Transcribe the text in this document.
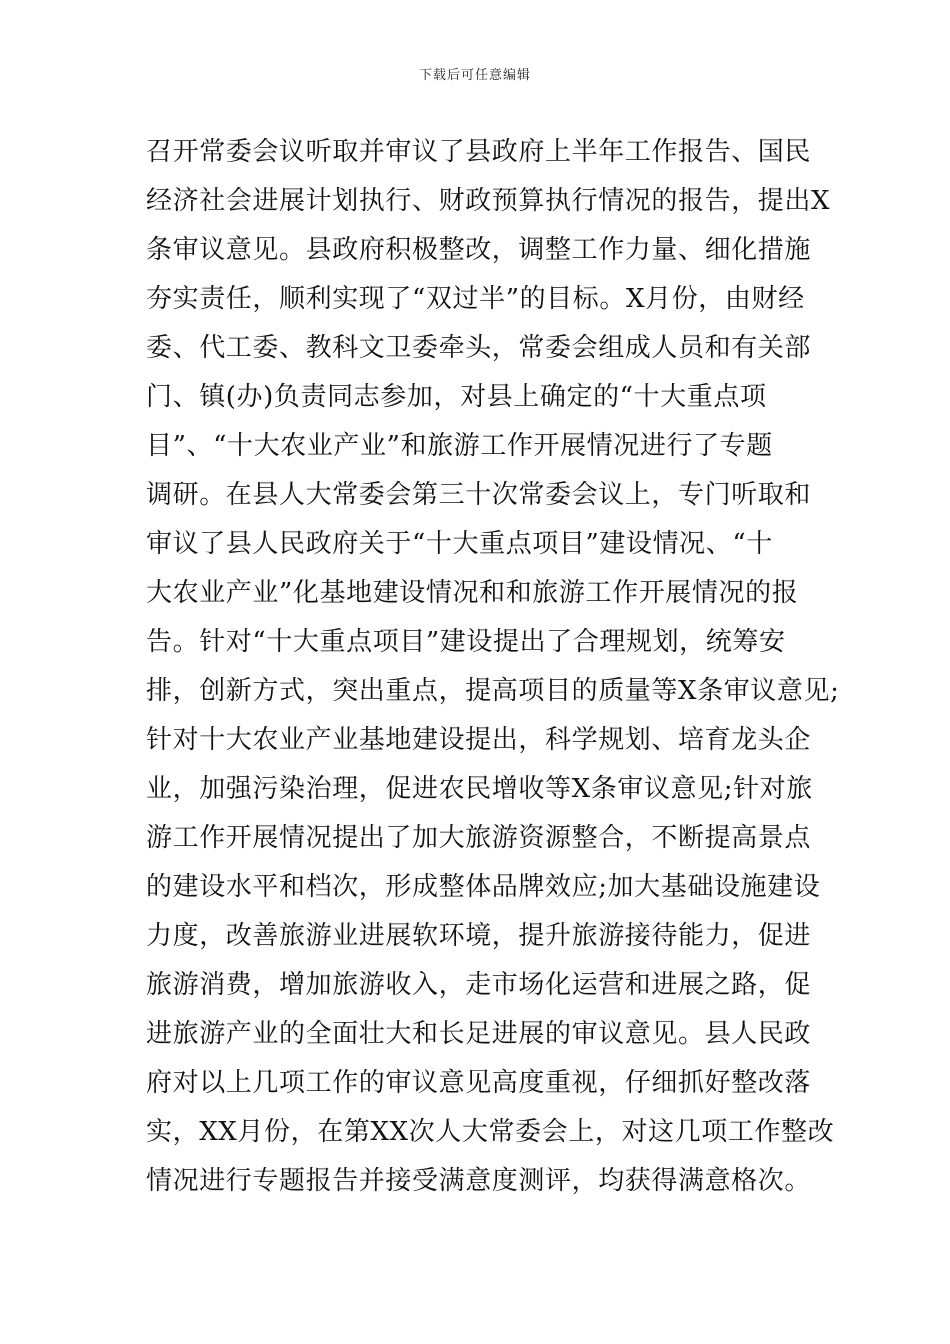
下载后可任意编辑
召开常委会议听取并审议了县政府上半年工作报告、国民
经济社会进展计划执行、财政预算执行情况的报告，提出X
条审议意见。县政府积极整改，调整工作力量、细化措施
夯实责任，顺利实现了“双过半”的目标。X月份，由财经
委、代工委、教科文卫委牵头，常委会组成人员和有关部
门、镇(办)负责同志参加，对县上确定的“十大重点项
目”、“十大农业产业”和旅游工作开展情况进行了专题
调研。在县人大常委会第三十次常委会议上，专门听取和
审议了县人民政府关于“十大重点项目”建设情况、“十
大农业产业”化基地建设情况和和旅游工作开展情况的报
告。针对“十大重点项目”建设提出了合理规划，统筹安
排，创新方式，突出重点，提高项目的质量等X条审议意见;
针对十大农业产业基地建设提出，科学规划、培育龙头企
业，加强污染治理，促进农民增收等X条审议意见;针对旅
游工作开展情况提出了加大旅游资源整合，不断提高景点
的建设水平和档次，形成整体品牌效应;加大基础设施建设
力度，改善旅游业进展软环境，提升旅游接待能力，促进
旅游消费，增加旅游收入，走市场化运营和进展之路，促
进旅游产业的全面壮大和长足进展的审议意见。县人民政
府对以上几项工作的审议意见高度重视，仔细抓好整改落
实，XX月份，在第XX次人大常委会上，对这几项工作整改
情况进行专题报告并接受满意度测评，均获得满意格次。
